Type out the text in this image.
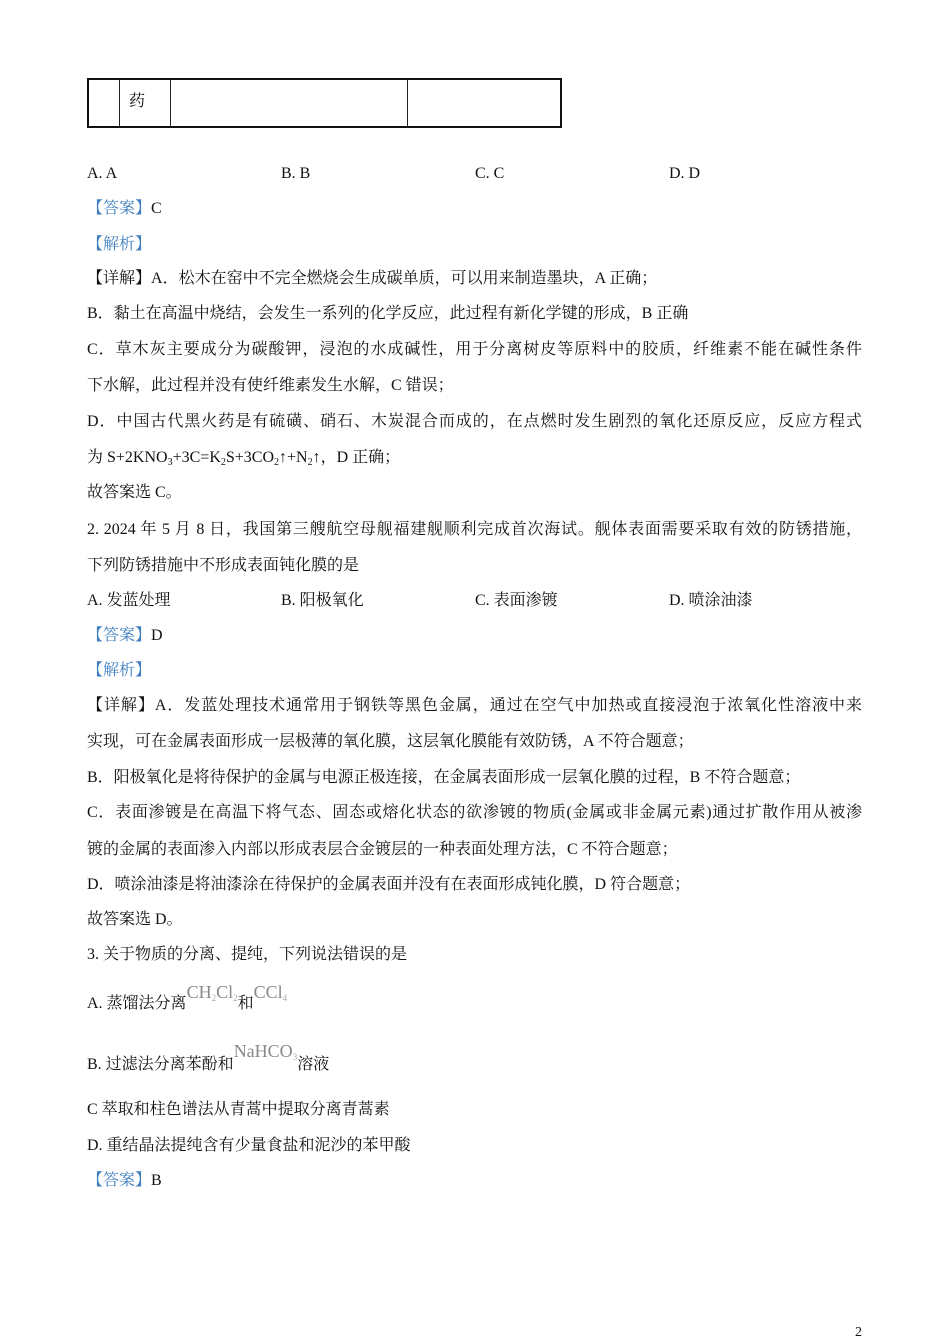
	药		
A. A	B. B	C. C	D. D
【答案】C
【解析】
【详解】A．松木在窑中不完全燃烧会生成碳单质，可以用来制造墨块，A 正确；
B．黏土在高温中烧结，会发生一系列的化学反应，此过程有新化学键的形成，B 正确
C．草木灰主要成分为碳酸钾，浸泡的水成碱性，用于分离树皮等原料中的胶质，纤维素不能在碱性条件
下水解，此过程并没有使纤维素发生水解，C 错误；
D．中国古代黑火药是有硫磺、硝石、木炭混合而成的，在点燃时发生剧烈的氧化还原反应，反应方程式
为 $S+2KNO_3+3C=K_2S+3CO_2↑+N_2↑$，D 正确；
故答案选 C。
2. 2024 年 5 月 8 日，我国第三艘航空母舰福建舰顺利完成首次海试。舰体表面需要采取有效的防锈措施，
下列防锈措施中不形成表面钝化膜的是
A. 发蓝处理	B. 阳极氧化	C. 表面渗镀	D. 喷涂油漆
【答案】D
【解析】
【详解】A．发蓝处理技术通常用于钢铁等黑色金属，通过在空气中加热或直接浸泡于浓氧化性溶液中来
实现，可在金属表面形成一层极薄的氧化膜，这层氧化膜能有效防锈，A 不符合题意；
B．阳极氧化是将待保护的金属与电源正极连接，在金属表面形成一层氧化膜的过程，B 不符合题意；
C．表面渗镀是在高温下将气态、固态或熔化状态的欲渗镀的物质(金属或非金属元素)通过扩散作用从被渗
镀的金属的表面渗入内部以形成表层合金镀层的一种表面处理方法，C 不符合题意；
D．喷涂油漆是将油漆涂在待保护的金属表面并没有在表面形成钝化膜，D 符合题意；
故答案选 D。
3. 关于物质的分离、提纯，下列说法错误的是
A. 蒸馏法分离$CH_2Cl_2$和CCl$_4$
B. 过滤法分离苯酚和NaHCO$_3$溶液
C 萃取和柱色谱法从青蒿中提取分离青蒿素
D. 重结晶法提纯含有少量食盐和泥沙的苯甲酸
【答案】B
2
